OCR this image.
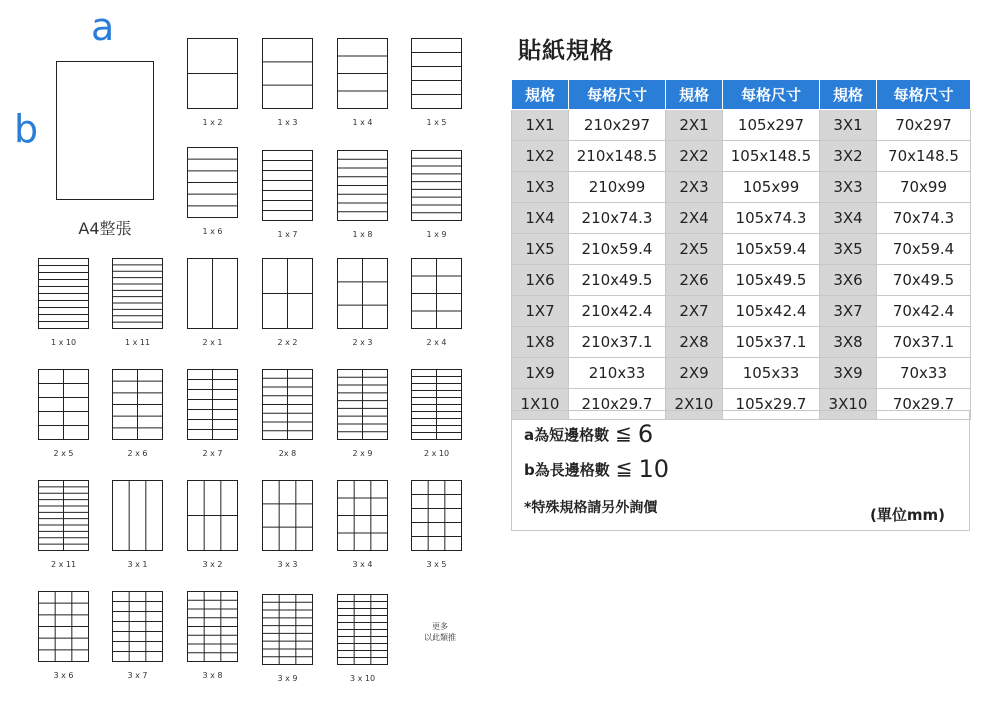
a
b
A4整張
1 x 2	1 x 3	1 x 4	1 x 5
1 x 6	1 x 7	1 x 8	1 x 9
1 x 10	1 x 11	2 x 1	2 x 2	2 x 3	2 x 4
2 x 5	2 x 6	2 x 7	2x 8	2 x 9	2 x 10
2 x 11	3 x 1	3 x 2	3 x 3	3 x 4	3 x 5
3 x 6	3 x 7	3 x 8	3 x 9	3 x 10
更多
以此類推
貼紙規格
規格	每格尺寸	規格	每格尺寸	規格	每格尺寸
1X1	210x297	2X1	105x297	3X1	70x297
1X2	210x148.5	2X2	105x148.5	3X2	70x148.5
1X3	210x99	2X3	105x99	3X3	70x99
1X4	210x74.3	2X4	105x74.3	3X4	70x74.3
1X5	210x59.4	2X5	105x59.4	3X5	70x59.4
1X6	210x49.5	2X6	105x49.5	3X6	70x49.5
1X7	210x42.4	2X7	105x42.4	3X7	70x42.4
1X8	210x37.1	2X8	105x37.1	3X8	70x37.1
1X9	210x33	2X9	105x33	3X9	70x33
1X10	210x29.7	2X10	105x29.7	3X10	70x29.7
a為短邊格數 ≦ 6
b為長邊格數 ≦ 10
*特殊規格請另外詢價	(單位mm)
